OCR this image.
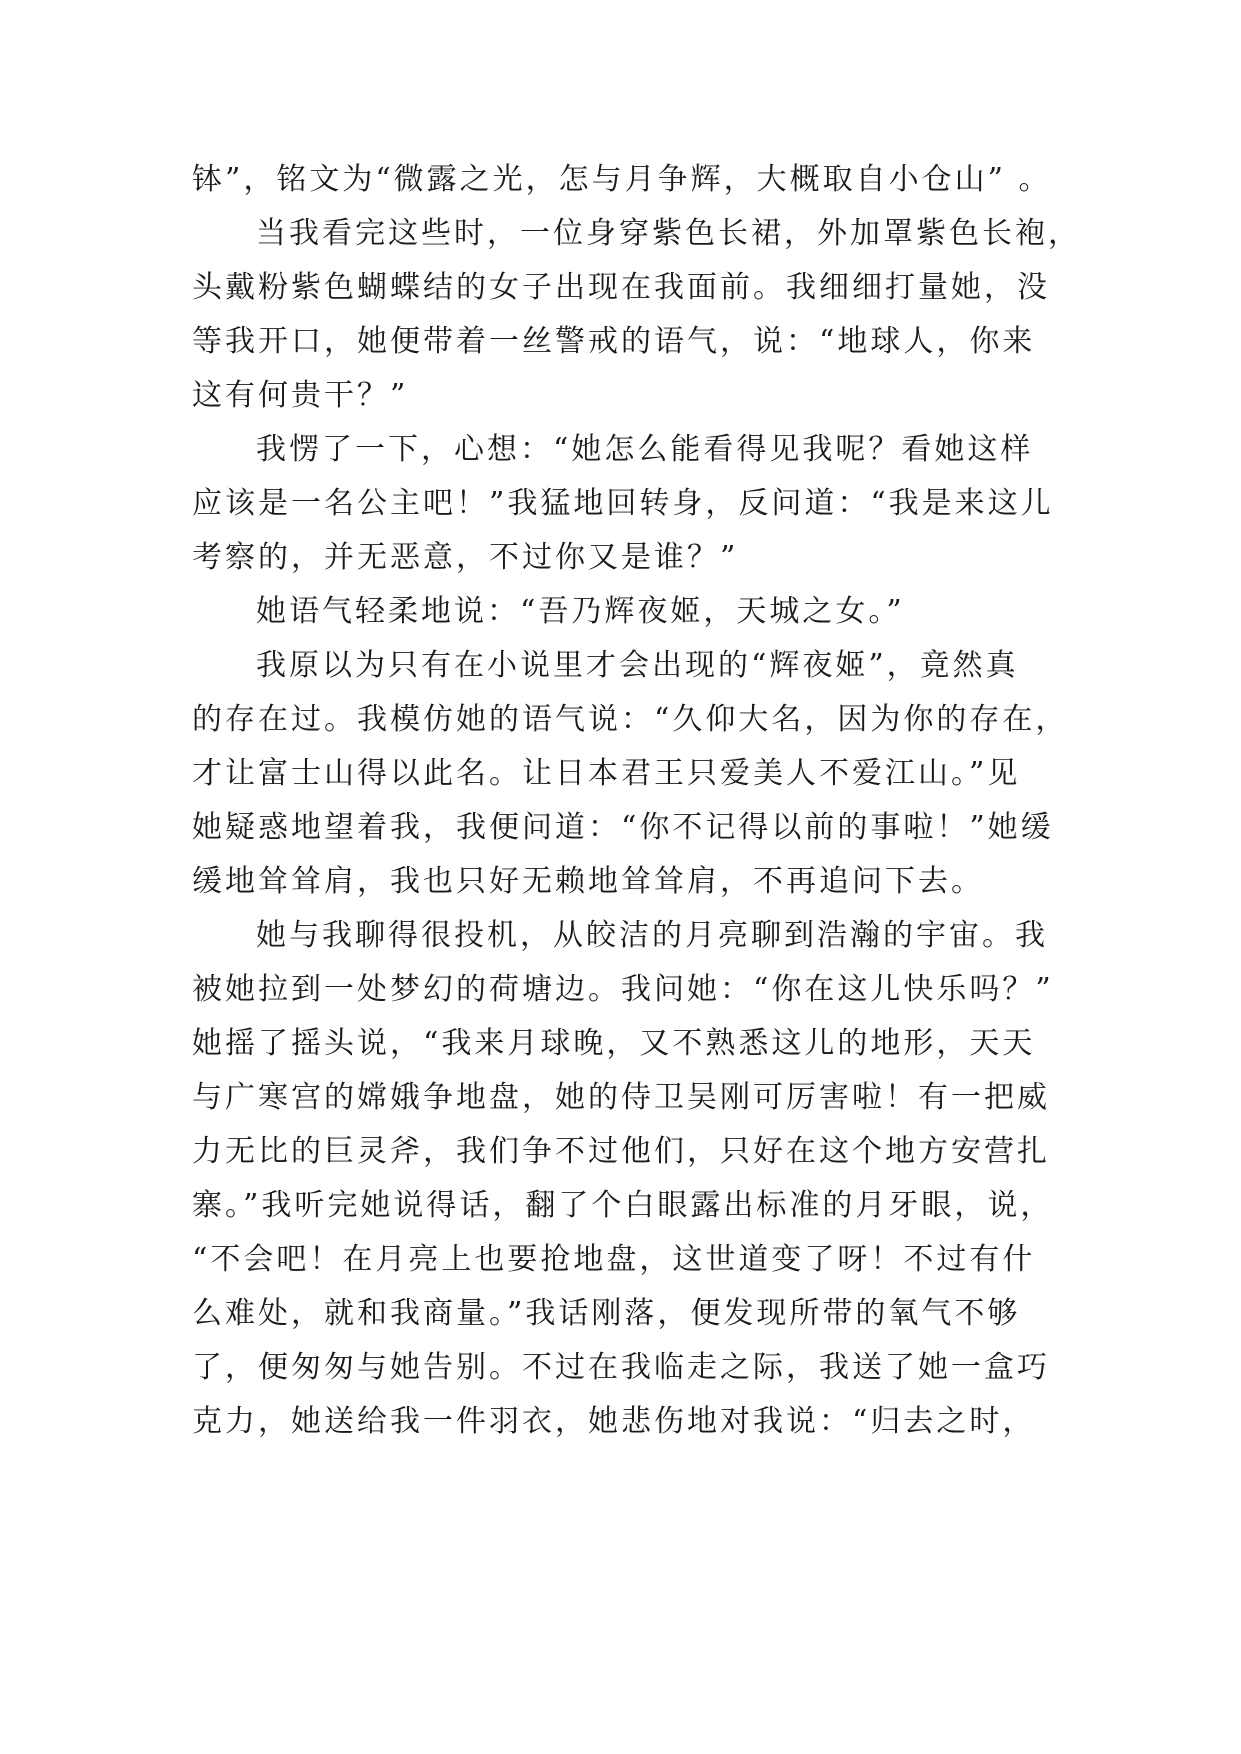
钵”，铭文为“微露之光，怎与月争辉，大概取自小仓山” 。
当我看完这些时，一位身穿紫色长裙，外加罩紫色长袍，
头戴粉紫色蝴蝶结的女子出现在我面前。我细细打量她，没
等我开口，她便带着一丝警戒的语气，说：“地球人，你来
这有何贵干？”
我愣了一下，心想：“她怎么能看得见我呢？看她这样
应该是一名公主吧！”我猛地回转身，反问道：“我是来这儿
考察的，并无恶意，不过你又是谁？”
她语气轻柔地说：“吾乃辉夜姬，天城之女。”
我原以为只有在小说里才会出现的“辉夜姬”，竟然真
的存在过。我模仿她的语气说：“久仰大名，因为你的存在，
才让富士山得以此名。让日本君王只爱美人不爱江山。”见
她疑惑地望着我，我便问道：“你不记得以前的事啦！”她缓
缓地耸耸肩，我也只好无赖地耸耸肩，不再追问下去。
她与我聊得很投机，从皎洁的月亮聊到浩瀚的宇宙。我
被她拉到一处梦幻的荷塘边。我问她：“你在这儿快乐吗？”
她摇了摇头说，“我来月球晚，又不熟悉这儿的地形，天天
与广寒宫的嫦娥争地盘，她的侍卫吴刚可厉害啦！有一把威
力无比的巨灵斧，我们争不过他们，只好在这个地方安营扎
寨。”我听完她说得话，翻了个白眼露出标准的月牙眼，说，
“不会吧！在月亮上也要抢地盘，这世道变了呀！不过有什
么难处，就和我商量。”我话刚落，便发现所带的氧气不够
了，便匆匆与她告别。不过在我临走之际，我送了她一盒巧
克力，她送给我一件羽衣，她悲伤地对我说：“归去之时，
